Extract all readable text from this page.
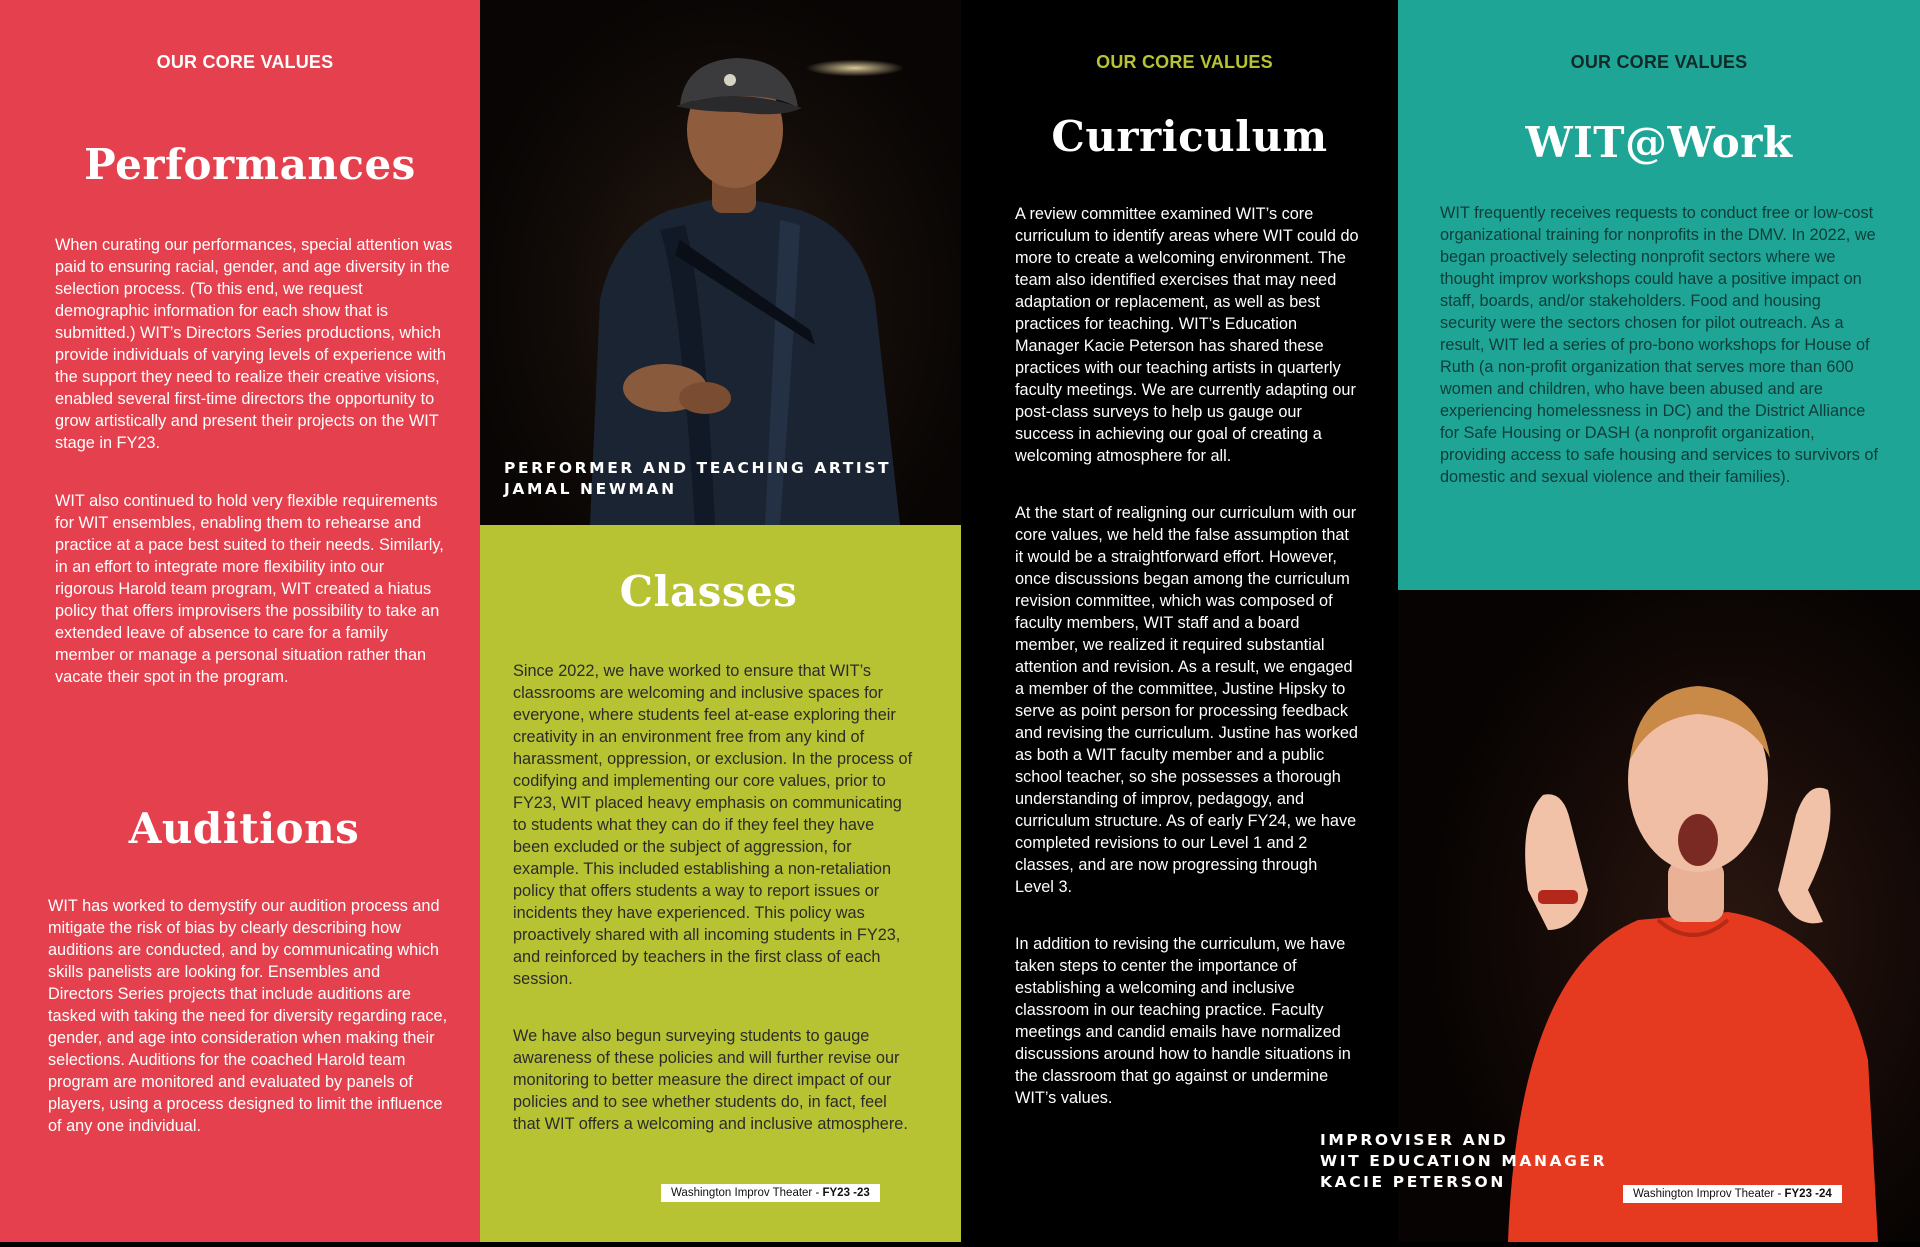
OUR CORE VALUES
Performances

When curating our performances, special attention was paid to ensuring racial, gender, and age diversity in the selection process. (To this end, we request demographic information for each show that is submitted.) WIT’s Directors Series productions, which provide individuals of varying levels of experience with the support they need to realize their creative visions, enabled several first-time directors the opportunity to grow artistically and present their projects on the WIT stage in FY23.

WIT also continued to hold very flexible requirements for WIT ensembles, enabling them to rehearse and practice at a pace best suited to their needs. Similarly, in an effort to integrate more flexibility into our rigorous Harold team program, WIT created a hiatus policy that offers improvisers the possibility to take an extended leave of absence to care for a family member or manage a personal situation rather than vacate their spot in the program.

Auditions

WIT has worked to demystify our audition process and mitigate the risk of bias by clearly describing how auditions are conducted, and by communicating which skills panelists are looking for. Ensembles and Directors Series projects that include auditions are tasked with taking the need for diversity regarding race, gender, and age into consideration when making their selections. Auditions for the coached Harold team program are monitored and evaluated by panels of players, using a process designed to limit the influence of any one individual.

PERFORMER AND TEACHING ARTIST
JAMAL NEWMAN

Classes

Since 2022, we have worked to ensure that WIT’s classrooms are welcoming and inclusive spaces for everyone, where students feel at-ease exploring their creativity in an environment free from any kind of harassment, oppression, or exclusion. In the process of codifying and implementing our core values, prior to FY23, WIT placed heavy emphasis on communicating to students what they can do if they feel they have been excluded or the subject of aggression, for example. This included establishing a non-retaliation policy that offers students a way to report issues or incidents they have experienced. This policy was proactively shared with all incoming students in FY23, and reinforced by teachers in the first class of each session.

We have also begun surveying students to gauge awareness of these policies and will further revise our monitoring to better measure the direct impact of our policies and to see whether students do, in fact, feel that WIT offers a welcoming and inclusive atmosphere.

Washington Improv Theater - FY23 -23
OUR CORE VALUES
Curriculum

A review committee examined WIT’s core curriculum to identify areas where WIT could do more to create a welcoming environment. The team also identified exercises that may need adaptation or replacement, as well as best practices for teaching. WIT’s Education Manager Kacie Peterson has shared these practices with our teaching artists in quarterly faculty meetings. We are currently adapting our post-class surveys to help us gauge our success in achieving our goal of creating a welcoming atmosphere for all.

At the start of realigning our curriculum with our core values, we held the false assumption that it would be a straightforward effort. However, once discussions began among the curriculum revision committee, which was composed of faculty members, WIT staff and a board member, we realized it required substantial attention and revision. As a result, we engaged a member of the committee, Justine Hipsky to serve as point person for processing feedback and revising the curriculum. Justine has worked as both a WIT faculty member and a public school teacher, so she possesses a thorough understanding of improv, pedagogy, and curriculum structure. As of early FY24, we have completed revisions to our Level 1 and 2 classes, and are now progressing through Level 3.

In addition to revising the curriculum, we have taken steps to center the importance of establishing a welcoming and inclusive classroom in our teaching practice. Faculty meetings and candid emails have normalized discussions around how to handle situations in the classroom that go against or undermine WIT’s values.

OUR CORE VALUES
WIT@Work

WIT frequently receives requests to conduct free or low-cost organizational training for nonprofits in the DMV. In 2022, we began proactively selecting nonprofit sectors where we thought improv workshops could have a positive impact on staff, boards, and/or stakeholders. Food and housing security were the sectors chosen for pilot outreach. As a result, WIT led a series of pro-bono workshops for House of Ruth (a non-profit organization that serves more than 600 women and children, who have been abused and are experiencing homelessness in DC) and the District Alliance for Safe Housing or DASH (a nonprofit organization, providing access to safe housing and services to survivors of domestic and sexual violence and their families).

IMPROVISER AND
WIT EDUCATION MANAGER
KACIE PETERSON

Washington Improv Theater - FY23 -24
